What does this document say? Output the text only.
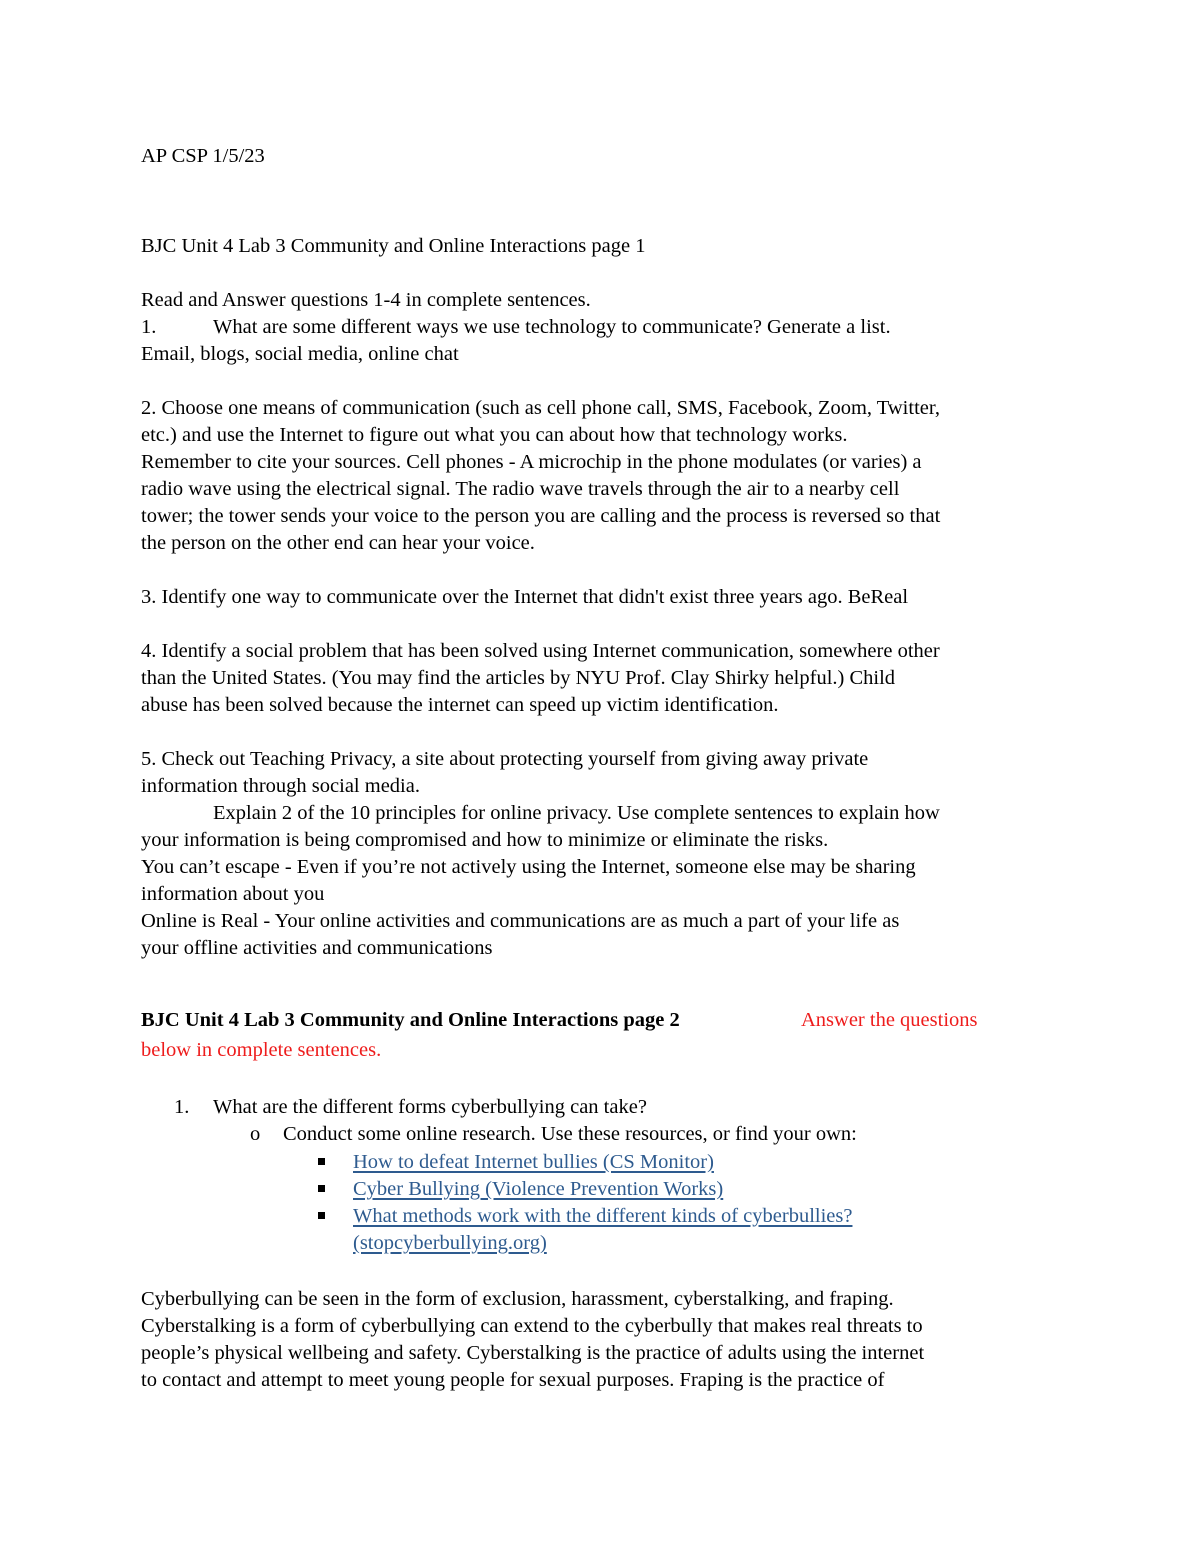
AP CSP 1/5/23
BJC Unit 4 Lab 3 Community and Online Interactions page 1
Read and Answer questions 1-4 in complete sentences.
1.	What are some different ways we use technology to communicate? Generate a list.
Email, blogs, social media, online chat
2. Choose one means of communication (such as cell phone call, SMS, Facebook, Zoom, Twitter,
etc.) and use the Internet to figure out what you can about how that technology works.
Remember to cite your sources. Cell phones - A microchip in the phone modulates (or varies) a
radio wave using the electrical signal. The radio wave travels through the air to a nearby cell
tower; the tower sends your voice to the person you are calling and the process is reversed so that
the person on the other end can hear your voice.
3. Identify one way to communicate over the Internet that didn't exist three years ago. BeReal
4. Identify a social problem that has been solved using Internet communication, somewhere other
than the United States. (You may find the articles by NYU Prof. Clay Shirky helpful.) Child
abuse has been solved because the internet can speed up victim identification.
5. Check out Teaching Privacy, a site about protecting yourself from giving away private
information through social media.
Explain 2 of the 10 principles for online privacy. Use complete sentences to explain how
your information is being compromised and how to minimize or eliminate the risks.
You can’t escape - Even if you’re not actively using the Internet, someone else may be sharing
information about you
Online is Real - Your online activities and communications are as much a part of your life as
your offline activities and communications
BJC Unit 4 Lab 3 Community and Online Interactions page 2	Answer the questions
below in complete sentences.
1. What are the different forms cyberbullying can take?
o Conduct some online research. Use these resources, or find your own:
How to defeat Internet bullies (CS Monitor)
Cyber Bullying (Violence Prevention Works)
What methods work with the different kinds of cyberbullies?
(stopcyberbullying.org)
Cyberbullying can be seen in the form of exclusion, harassment, cyberstalking, and fraping.
Cyberstalking is a form of cyberbullying can extend to the cyberbully that makes real threats to
people’s physical wellbeing and safety. Cyberstalking is the practice of adults using the internet
to contact and attempt to meet young people for sexual purposes. Fraping is the practice of
